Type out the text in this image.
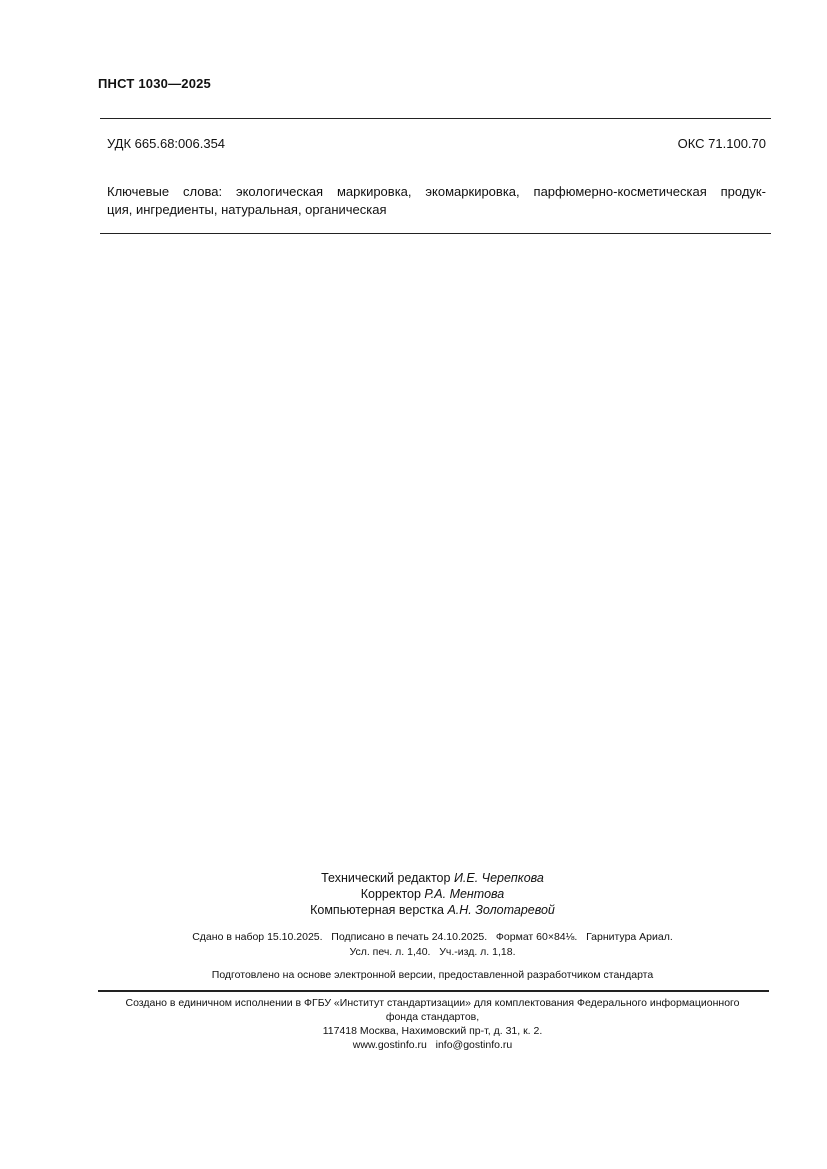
ПНСТ 1030—2025
УДК 665.68:006.354	ОКС 71.100.70
Ключевые слова: экологическая маркировка, экомаркировка, парфюмерно-косметическая продук-
ция, ингредиенты, натуральная, органическая
Технический редактор И.Е. Черепкова
Корректор Р.А. Ментова
Компьютерная верстка А.Н. Золотаревой
Сдано в набор 15.10.2025.   Подписано в печать 24.10.2025.   Формат 60×84⅛.   Гарнитура Ариал.
Усл. печ. л. 1,40.   Уч.-изд. л. 1,18.
Подготовлено на основе электронной версии, предоставленной разработчиком стандарта
Создано в единичном исполнении в ФГБУ «Институт стандартизации» для комплектования Федерального информационного
фонда стандартов,
117418 Москва, Нахимовский пр-т, д. 31, к. 2.
www.gostinfo.ru info@gostinfo.ru
